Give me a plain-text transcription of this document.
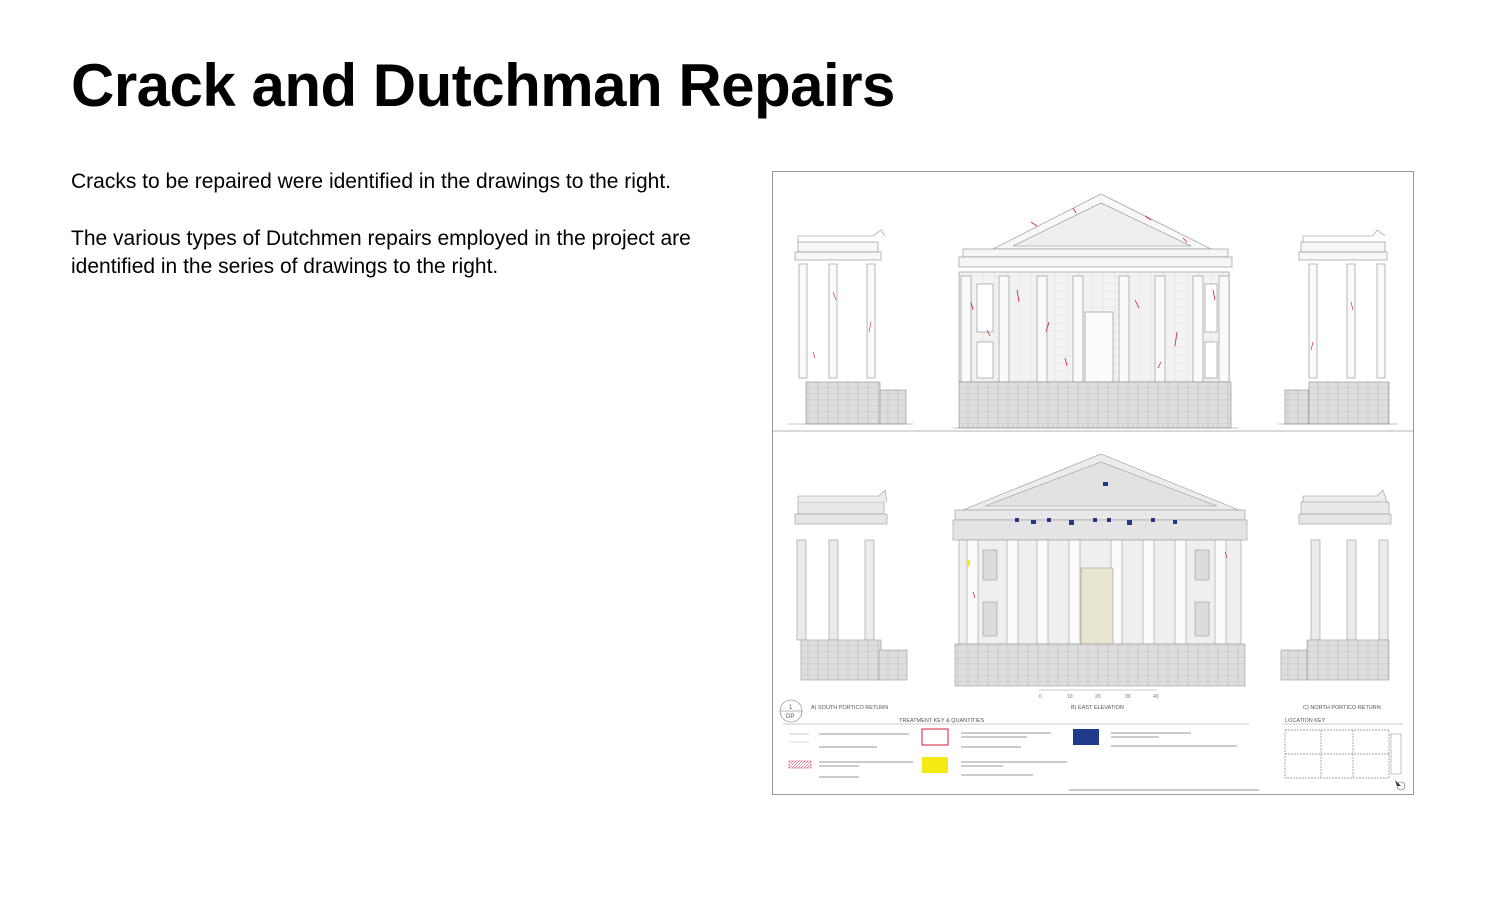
Crack and Dutchman Repairs

Cracks to be repaired were identified in the drawings to the right.

The various types of Dutchmen repairs employed in the project are identified in the series of drawings to the right.

0	10	20	30	40
1
DP
A) SOUTH PORTICO RETURN	B) EAST ELEVATION	C) NORTH PORTICO RETURN
TREATMENT KEY & QUANTITIES	LOCATION KEY
